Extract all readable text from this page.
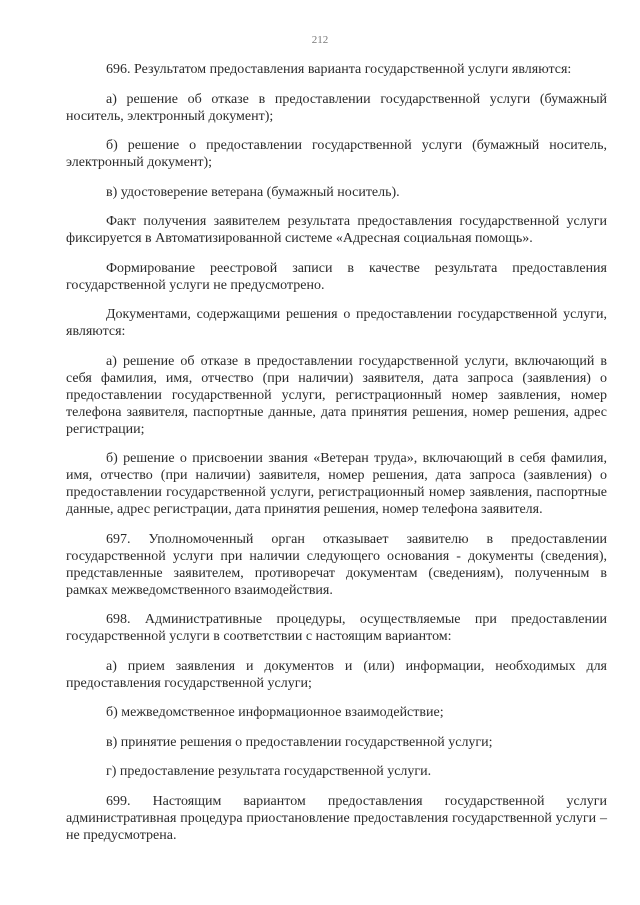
212

696. Результатом предоставления варианта государственной услуги являются:

а) решение об отказе в предоставлении государственной услуги (бумажный носитель, электронный документ);

б) решение о предоставлении государственной услуги (бумажный носитель, электронный документ);

в) удостоверение ветерана (бумажный носитель).

Факт получения заявителем результата предоставления государственной услуги фиксируется в Автоматизированной системе «Адресная социальная помощь».

Формирование реестровой записи в качестве результата предоставления государственной услуги не предусмотрено.

Документами, содержащими решения о предоставлении государственной услуги, являются:

а) решение об отказе в предоставлении государственной услуги, включающий в себя фамилия, имя, отчество (при наличии) заявителя, дата запроса (заявления) о предоставлении государственной услуги, регистрационный номер заявления, номер телефона заявителя, паспортные данные, дата принятия решения, номер решения, адрес регистрации;

б) решение о присвоении звания «Ветеран труда», включающий в себя фамилия, имя, отчество (при наличии) заявителя, номер решения, дата запроса (заявления) о предоставлении государственной услуги, регистрационный номер заявления, паспортные данные, адрес регистрации, дата принятия решения, номер телефона заявителя.

697. Уполномоченный орган отказывает заявителю в предоставлении государственной услуги при наличии следующего основания - документы (сведения), представленные заявителем, противоречат документам (сведениям), полученным в рамках межведомственного взаимодействия.

698. Административные процедуры, осуществляемые при предоставлении государственной услуги в соответствии с настоящим вариантом:

а) прием заявления и документов и (или) информации, необходимых для предоставления государственной услуги;

б) межведомственное информационное взаимодействие;

в) принятие решения о предоставлении государственной услуги;

г) предоставление результата государственной услуги.

699. Настоящим вариантом предоставления государственной услуги административная процедура приостановление предоставления государственной услуги – не предусмотрена.
